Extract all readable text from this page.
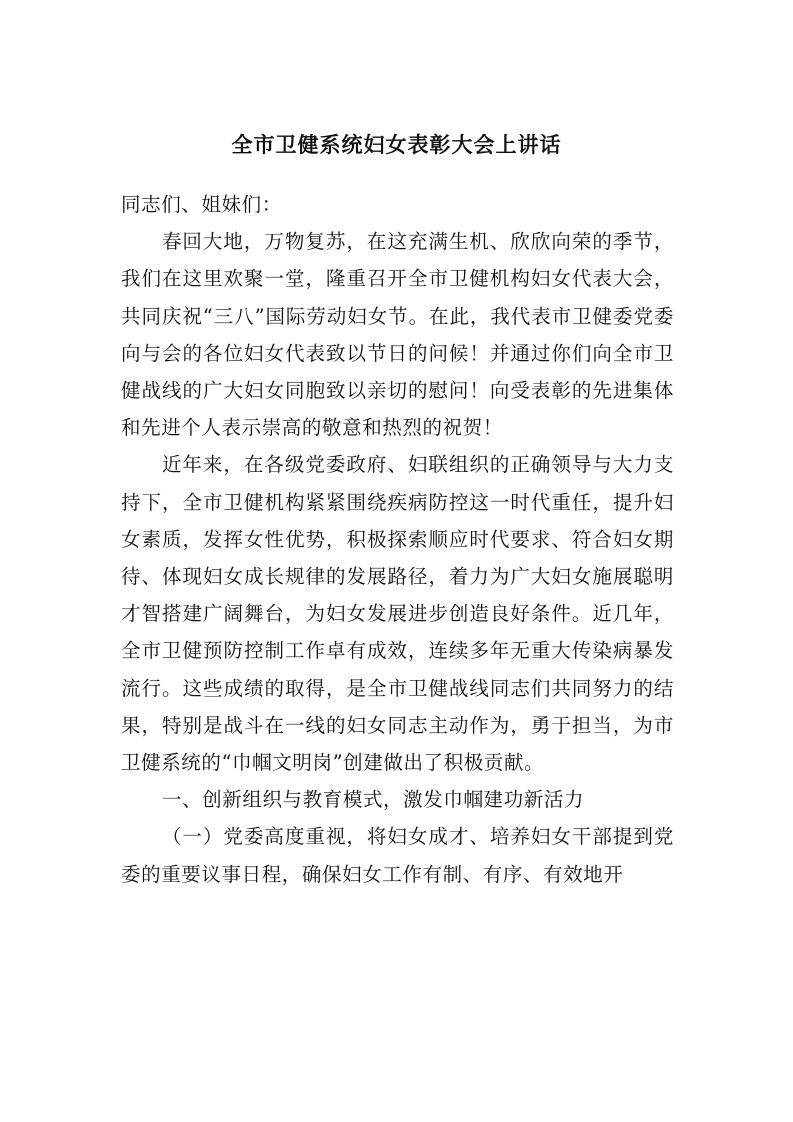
全市卫健系统妇女表彰大会上讲话

同志们、姐妹们：

春回大地，万物复苏，在这充满生机、欣欣向荣的季节，我们在这里欢聚一堂，隆重召开全市卫健机构妇女代表大会，共同庆祝“三八”国际劳动妇女节。在此，我代表市卫健委党委向与会的各位妇女代表致以节日的问候！并通过你们向全市卫健战线的广大妇女同胞致以亲切的慰问！向受表彰的先进集体和先进个人表示崇高的敬意和热烈的祝贺！

近年来，在各级党委政府、妇联组织的正确领导与大力支持下，全市卫健机构紧紧围绕疾病防控这一时代重任，提升妇女素质，发挥女性优势，积极探索顺应时代要求、符合妇女期待、体现妇女成长规律的发展路径，着力为广大妇女施展聪明才智搭建广阔舞台，为妇女发展进步创造良好条件。近几年，全市卫健预防控制工作卓有成效，连续多年无重大传染病暴发流行。这些成绩的取得，是全市卫健战线同志们共同努力的结果，特别是战斗在一线的妇女同志主动作为，勇于担当，为市卫健系统的“巾帼文明岗”创建做出了积极贡献。

一、创新组织与教育模式，激发巾帼建功新活力

（一）党委高度重视，将妇女成才、培养妇女干部提到党委的重要议事日程，确保妇女工作有制、有序、有效地开
